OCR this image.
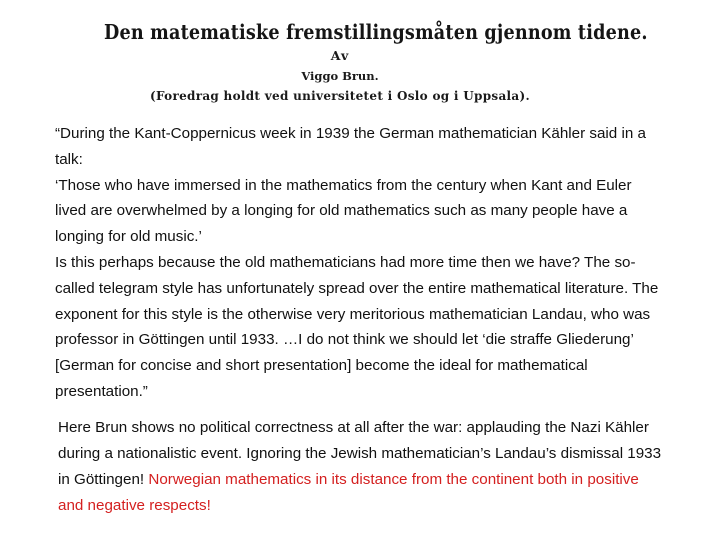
Den matematiske fremstillingsmåten gjennom tidene.
Av
Viggo Brun.
(Foredrag holdt ved universitetet i Oslo og i Uppsala).

“During the Kant-Coppernicus week in 1939 the German mathematician Kähler said in a talk:

‘Those who have immersed in the mathematics from the century when Kant and Euler lived are overwhelmed by a longing for old mathematics such as many people have a longing for old music.’

Is this perhaps because the old mathematicians had more time then we have? The so-called telegram style has unfortunately spread over the entire mathematical literature. The exponent for this style is the otherwise very meritorious mathematician Landau, who was professor in Göttingen until 1933. …I do not think we should let ‘die straffe Gliederung’ [German for concise and short presentation] become the ideal for mathematical presentation.”

Here Brun shows no political correctness at all after the war: applauding the Nazi Kähler during a nationalistic event. Ignoring the Jewish mathematician’s Landau’s dismissal 1933 in Göttingen! Norwegian mathematics in its distance from the continent both in positive and negative respects!
